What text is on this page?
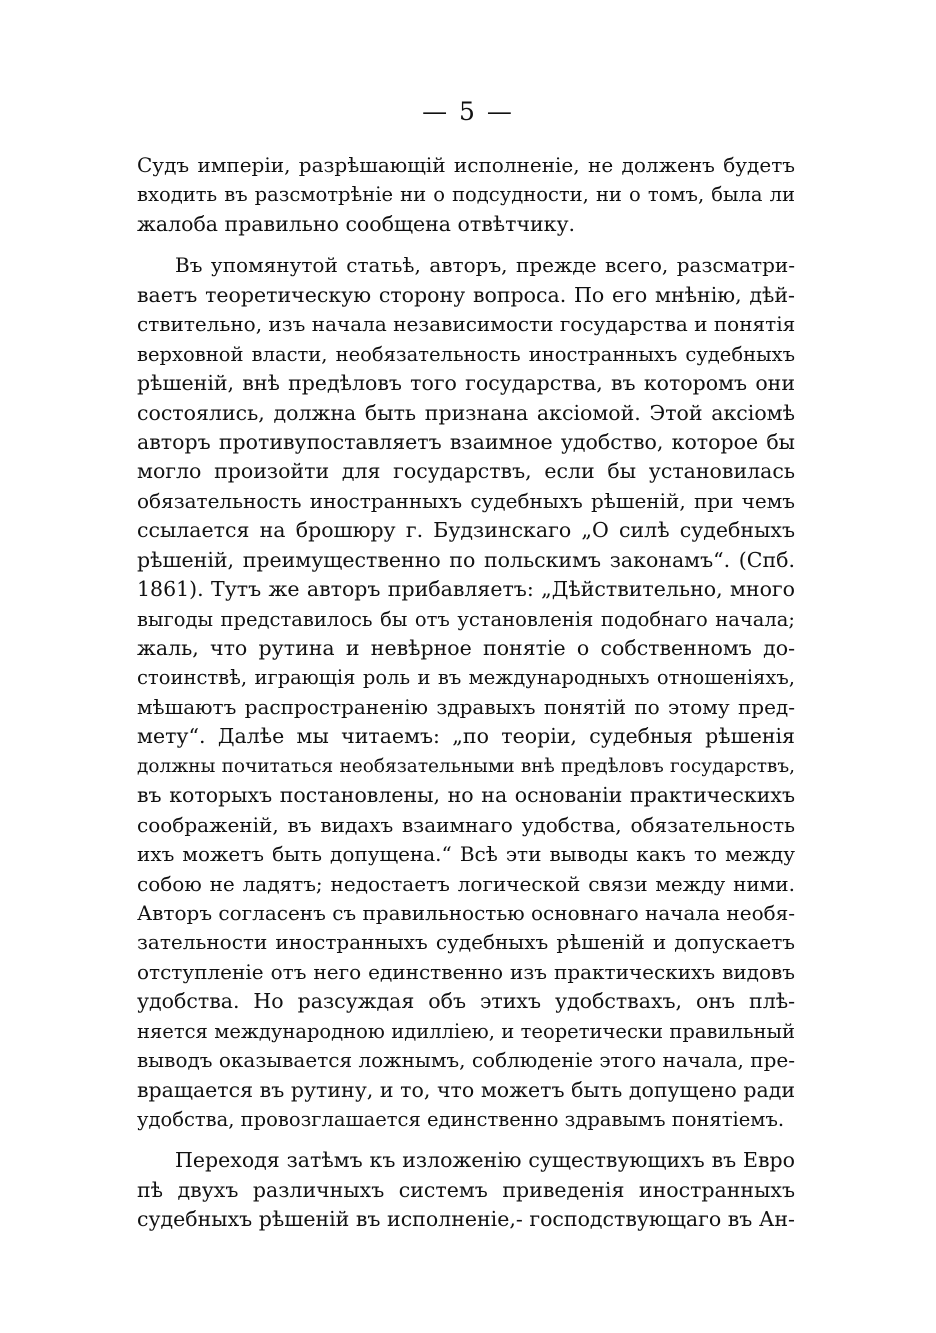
— 5 —
Судъ имперіи, разрѣшающій исполненіе, не долженъ будетъ
входить въ разсмотрѣніе ни о подсудности, ни о томъ, была ли
жалоба правильно сообщена отвѣтчику.
Въ упомянутой статьѣ, авторъ, прежде всего, разсматри-
ваетъ теоретическую сторону вопроса. По его мнѣнію, дѣй-
ствительно, изъ начала независимости государства и понятія
верховной власти, необязательность иностранныхъ судебныхъ
рѣшеній, внѣ предѣловъ того государства, въ которомъ они
состоялись, должна быть признана аксіомой. Этой аксіомѣ
авторъ противупоставляетъ взаимное удобство, которое бы
могло произойти для государствъ, если бы установилась
обязательность иностранныхъ судебныхъ рѣшеній, при чемъ
ссылается на брошюру г. Будзинскаго „О силѣ судебныхъ
рѣшеній, преимущественно по польскимъ законамъ“. (Спб.
1861). Тутъ же авторъ прибавляетъ: „Дѣйствительно, много
выгоды представилось бы отъ установленія подобнаго начала;
жаль, что рутина и невѣрное понятіе о собственномъ до-
стоинствѣ, играющія роль и въ международныхъ отношеніяхъ,
мѣшаютъ распространенію здравыхъ понятій по этому пред-
мету“. Далѣе мы читаемъ: „по теоріи, судебныя рѣшенія
должны почитаться необязательными внѣ предѣловъ государствъ,
въ которыхъ постановлены, но на основаніи практическихъ
соображеній, въ видахъ взаимнаго удобства, обязательность
ихъ можетъ быть допущена.“ Всѣ эти выводы какъ то между
собою не ладятъ; недостаетъ логической связи между ними.
Авторъ согласенъ съ правильностью основнаго начала необя-
зательности иностранныхъ судебныхъ рѣшеній и допускаетъ
отступленіе отъ него единственно изъ практическихъ видовъ
удобства. Но разсуждая объ этихъ удобствахъ, онъ плѣ-
няется международною идилліею, и теоретически правильный
выводъ оказывается ложнымъ, соблюденіе этого начала, пре-
вращается въ рутину, и то, что можетъ быть допущено ради
удобства, провозглашается единственно здравымъ понятіемъ.
Переходя затѣмъ къ изложенію существующихъ въ Евро
пѣ двухъ различныхъ системъ приведенія иностранныхъ
судебныхъ рѣшеній въ исполненіе,- господствующаго въ Ан-
